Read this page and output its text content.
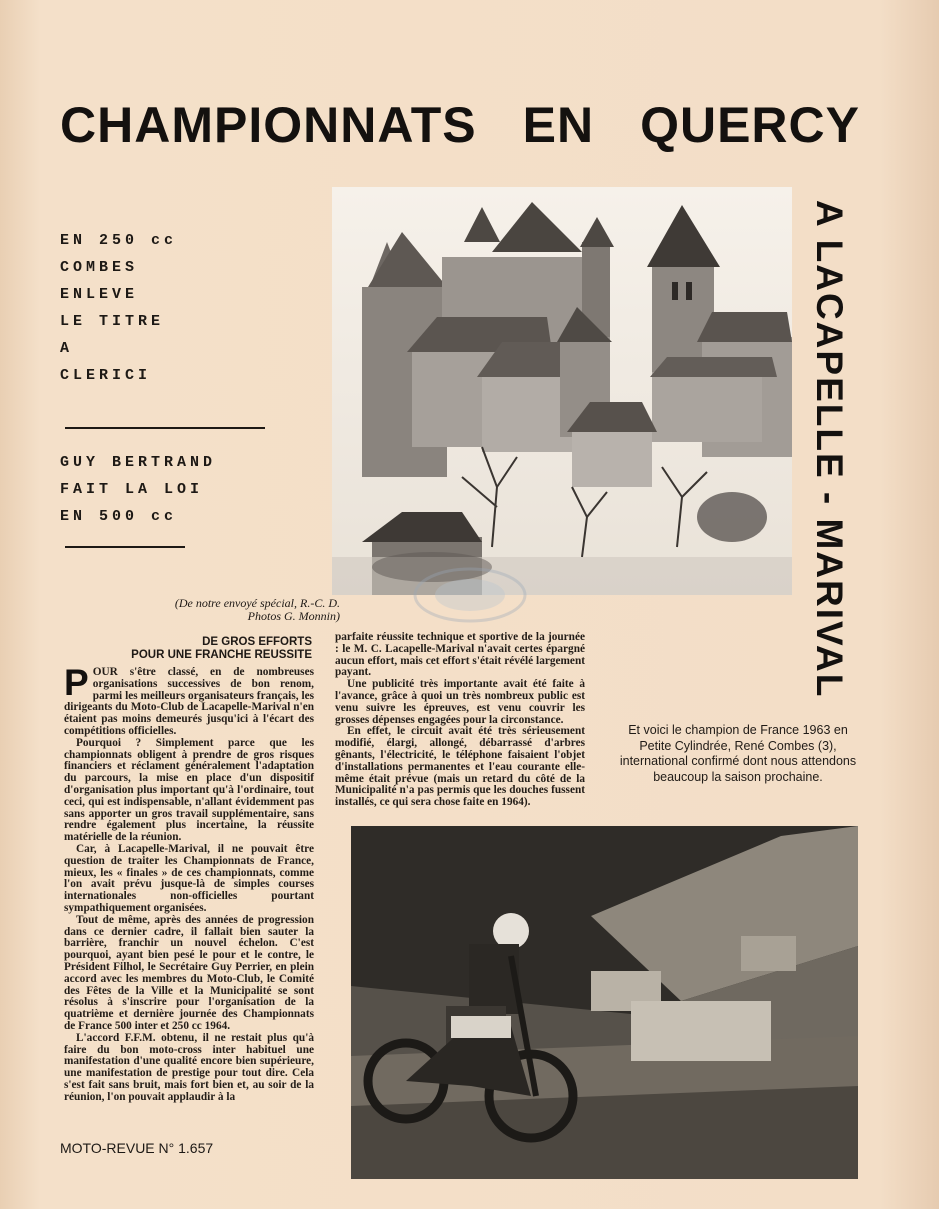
CHAMPIONNATS EN QUERCY
A LACAPELLE - MARIVAL
EN 250 cc
COMBES
ENLEVE
LE TITRE
A
CLERICI
GUY BERTRAND
FAIT LA LOI
EN 500 cc
(De notre envoyé spécial, R.-C. D.
Photos G. Monnin)
DE GROS EFFORTS
POUR UNE FRANCHE REUSSITE

POUR s'être classé, en de nombreuses organisations successives de bon renom, parmi les meilleurs organisateurs français, les dirigeants du Moto-Club de Lacapelle-Marival n'en étaient pas moins demeurés jusqu'ici à l'écart des compétitions officielles.

Pourquoi ? Simplement parce que les championnats obligent à prendre de gros risques financiers et réclament généralement l'adaptation du parcours, la mise en place d'un dispositif d'organisation plus important qu'à l'ordinaire, tout ceci, qui est indispensable, n'allant évidemment pas sans apporter un gros travail supplémentaire, sans rendre également plus incertaine, la réussite matérielle de la réunion.

Car, à Lacapelle-Marival, il ne pouvait être question de traiter les Championnats de France, mieux, les « finales » de ces championnats, comme l'on avait prévu jusque-là de simples courses internationales non-officielles pourtant sympathiquement organisées.

Tout de même, après des années de progression dans ce dernier cadre, il fallait bien sauter la barrière, franchir un nouvel échelon. C'est pourquoi, ayant bien pesé le pour et le contre, le Président Filhol, le Secrétaire Guy Perrier, en plein accord avec les membres du Moto-Club, le Comité des Fêtes de la Ville et la Municipalité se sont résolus à s'inscrire pour l'organisation de la quatrième et dernière journée des Championnats de France 500 inter et 250 cc 1964.

L'accord F.F.M. obtenu, il ne restait plus qu'à faire du bon moto-cross inter habituel une manifestation d'une qualité encore bien supérieure, une manifestation de prestige pour tout dire. Cela s'est fait sans bruit, mais fort bien et, au soir de la réunion, l'on pouvait applaudir à la

parfaite réussite technique et sportive de la journée : le M. C. Lacapelle-Marival n'avait certes épargné aucun effort, mais cet effort s'était révélé largement payant.

Une publicité très importante avait été faite à l'avance, grâce à quoi un très nombreux public est venu suivre les épreuves, est venu couvrir les grosses dépenses engagées pour la circonstance.

En effet, le circuit avait été très sérieusement modifié, élargi, allongé, débarrassé d'arbres gênants, l'électricité, le téléphone faisaient l'objet d'installations permanentes et l'eau courante elle-même était prévue (mais un retard du côté de la Municipalité n'a pas permis que les douches fussent installés, ce qui sera chose faite en 1964).

Et voici le champion de France 1963 en Petite Cylindrée, René Combes (3), international confirmé dont nous attendons beaucoup la saison prochaine.
MOTO-REVUE N° 1.657
